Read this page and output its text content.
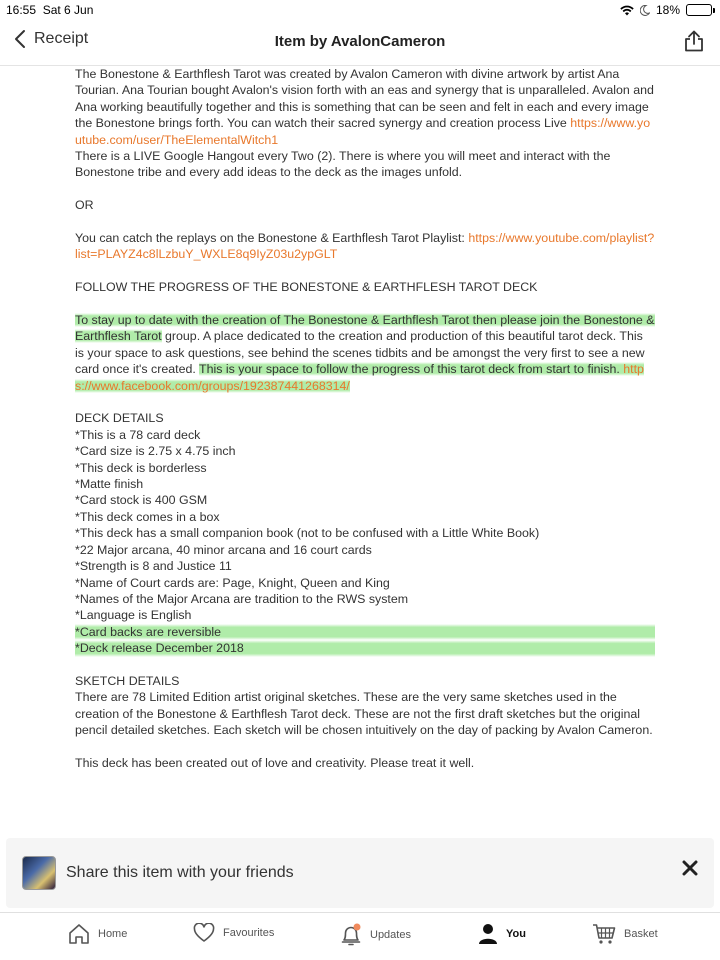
16:55 Sat 6 Jun	18%
Receipt	Item by AvalonCameron

The Bonestone & Earthflesh Tarot was created by Avalon Cameron with divine artwork by artist Ana Tourian. Ana Tourian bought Avalon's vision forth with an eas and synergy that is unparalleled. Avalon and Ana working beautifully together and this is something that can be seen and felt in each and every image the Bonestone brings forth. You can watch their sacred synergy and creation process Live https://www.youtube.com/user/TheElementalWitch1
There is a LIVE Google Hangout every Two (2). There is where you will meet and interact with the Bonestone tribe and every add ideas to the deck as the images unfold.

OR

You can catch the replays on the Bonestone & Earthflesh Tarot Playlist: https://www.youtube.com/playlist?list=PLAYZ4c8lLzbuY_WXLE8q9IyZ03u2ypGLT

FOLLOW THE PROGRESS OF THE BONESTONE & EARTHFLESH TAROT DECK

To stay up to date with the creation of The Bonestone & Earthflesh Tarot then please join the Bonestone & Earthflesh Tarot group. A place dedicated to the creation and production of this beautiful tarot deck. This is your space to ask questions, see behind the scenes tidbits and be amongst the very first to see a new card once it's created. This is your space to follow the progress of this tarot deck from start to finish. https://www.facebook.com/groups/192387441268314/

DECK DETAILS
*This is a 78 card deck
*Card size is 2.75 x 4.75 inch
*This deck is borderless
*Matte finish
*Card stock is 400 GSM
*This deck comes in a box
*This deck has a small companion book (not to be confused with a Little White Book)
*22 Major arcana, 40 minor arcana and 16 court cards
*Strength is 8 and Justice 11
*Name of Court cards are: Page, Knight, Queen and King
*Names of the Major Arcana are tradition to the RWS system
*Language is English
*Card backs are reversible
*Deck release December 2018

SKETCH DETAILS
There are 78 Limited Edition artist original sketches. These are the very same sketches used in the creation of the Bonestone & Earthflesh Tarot deck. These are not the first draft sketches but the original pencil detailed sketches. Each sketch will be chosen intuitively on the day of packing by Avalon Cameron.

This deck has been created out of love and creativity. Please treat it well.

Share this item with your friends
Home	Favourites	Updates	You	Basket
